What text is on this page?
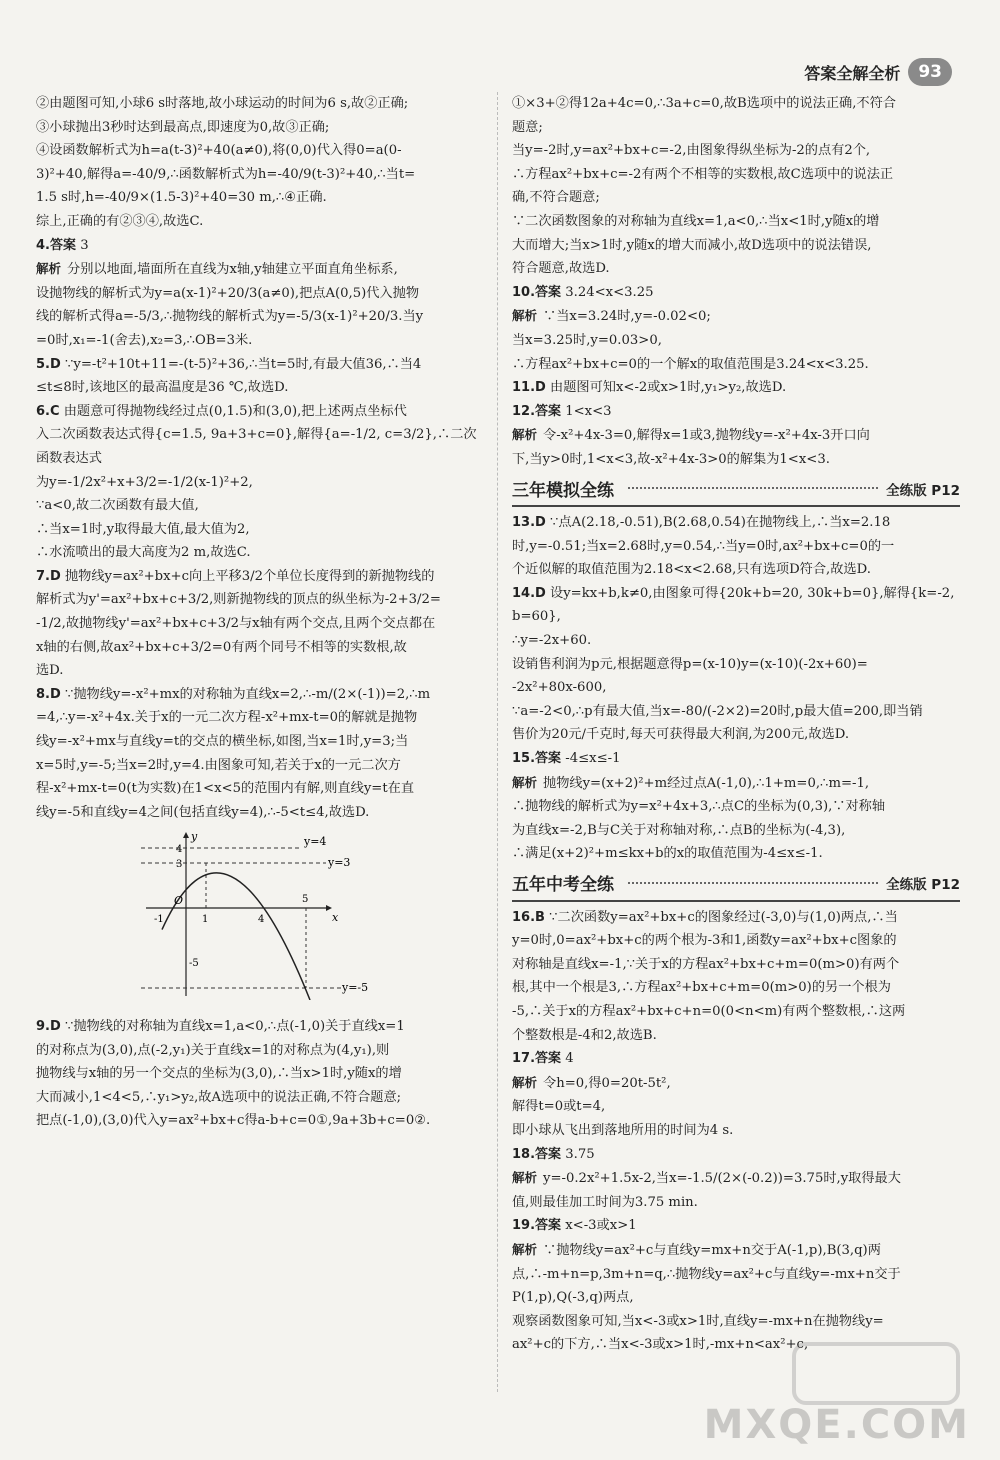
答案全解全析	93

②由题图可知,小球6 s时落地,故小球运动的时间为6 s,故②正确;

③小球抛出3秒时达到最高点,即速度为0,故③正确;

④设函数解析式为h=a(t-3)²+40(a≠0),将(0,0)代入得0=a(0-

3)²+40,解得a=-40/9,∴函数解析式为h=-40/9(t-3)²+40,∴当t=

1.5 s时,h=-40/9×(1.5-3)²+40=30 m,∴④正确.

综上,正确的有②③④,故选C.

4.答案 3

解析 分别以地面,墙面所在直线为x轴,y轴建立平面直角坐标系,

设抛物线的解析式为y=a(x-1)²+20/3(a≠0),把点A(0,5)代入抛物

线的解析式得a=-5/3,∴抛物线的解析式为y=-5/3(x-1)²+20/3.当y

=0时,x₁=-1(舍去),x₂=3,∴OB=3米.

5.D ∵y=-t²+10t+11=-(t-5)²+36,∴当t=5时,有最大值36,∴当4

≤t≤8时,该地区的最高温度是36 ℃,故选D.

6.C 由题意可得抛物线经过点(0,1.5)和(3,0),把上述两点坐标代

入二次函数表达式得{c=1.5, 9a+3+c=0},解得{a=-1/2, c=3/2},∴二次函数表达式

为y=-1/2x²+x+3/2=-1/2(x-1)²+2,

∵a<0,故二次函数有最大值,

∴当x=1时,y取得最大值,最大值为2,

∴水流喷出的最大高度为2 m,故选C.

7.D 抛物线y=ax²+bx+c向上平移3/2个单位长度得到的新抛物线的

解析式为y'=ax²+bx+c+3/2,则新抛物线的顶点的纵坐标为-2+3/2=

-1/2,故抛物线y'=ax²+bx+c+3/2与x轴有两个交点,且两个交点都在

x轴的右侧,故ax²+bx+c+3/2=0有两个同号不相等的实数根,故

选D.

8.D ∵抛物线y=-x²+mx的对称轴为直线x=2,∴-m/(2×(-1))=2,∴m

=4,∴y=-x²+4x.关于x的一元二次方程-x²+mx-t=0的解就是抛物

线y=-x²+mx与直线y=t的交点的横坐标,如图,当x=1时,y=3;当

x=5时,y=-5;当x=2时,y=4.由图象可知,若关于x的一元二次方

程-x²+mx-t=0(t为实数)在1<x<5的范围内有解,则直线y=t在直

线y=-5和直线y=4之间(包括直线y=4),∴-5<t≤4,故选D.

y=4
y=3
y=-5
x
y
O
4
3
1
-1	4
5
-5

9.D ∵抛物线的对称轴为直线x=1,a<0,∴点(-1,0)关于直线x=1

的对称点为(3,0),点(-2,y₁)关于直线x=1的对称点为(4,y₁),则

抛物线与x轴的另一个交点的坐标为(3,0),∴当x>1时,y随x的增

大而减小,1<4<5,∴y₁>y₂,故A选项中的说法正确,不符合题意;

把点(-1,0),(3,0)代入y=ax²+bx+c得a-b+c=0①,9a+3b+c=0②.

①×3+②得12a+4c=0,∴3a+c=0,故B选项中的说法正确,不符合

题意;

当y=-2时,y=ax²+bx+c=-2,由图象得纵坐标为-2的点有2个,

∴方程ax²+bx+c=-2有两个不相等的实数根,故C选项中的说法正

确,不符合题意;

∵二次函数图象的对称轴为直线x=1,a<0,∴当x<1时,y随x的增

大而增大;当x>1时,y随x的增大而减小,故D选项中的说法错误,

符合题意,故选D.

10.答案 3.24<x<3.25

解析 ∵当x=3.24时,y=-0.02<0;

当x=3.25时,y=0.03>0,

∴方程ax²+bx+c=0的一个解x的取值范围是3.24<x<3.25.

11.D 由题图可知x<-2或x>1时,y₁>y₂,故选D.

12.答案 1<x<3

解析 令-x²+4x-3=0,解得x=1或3,抛物线y=-x²+4x-3开口向

下,当y>0时,1<x<3,故-x²+4x-3>0的解集为1<x<3.

三年模拟全练	全练版 P12

13.D ∵点A(2.18,-0.51),B(2.68,0.54)在抛物线上,∴当x=2.18

时,y=-0.51;当x=2.68时,y=0.54,∴当y=0时,ax²+bx+c=0的一

个近似解的取值范围为2.18<x<2.68,只有选项D符合,故选D.

14.D 设y=kx+b,k≠0,由图象可得{20k+b=20, 30k+b=0},解得{k=-2, b=60},

∴y=-2x+60.

设销售利润为p元,根据题意得p=(x-10)y=(x-10)(-2x+60)=

-2x²+80x-600,

∵a=-2<0,∴p有最大值,当x=-80/(-2×2)=20时,p最大值=200,即当销

售价为20元/千克时,每天可获得最大利润,为200元,故选D.

15.答案 -4≤x≤-1

解析 抛物线y=(x+2)²+m经过点A(-1,0),∴1+m=0,∴m=-1,

∴抛物线的解析式为y=x²+4x+3,∴点C的坐标为(0,3),∵对称轴

为直线x=-2,B与C关于对称轴对称,∴点B的坐标为(-4,3),

∴满足(x+2)²+m≤kx+b的x的取值范围为-4≤x≤-1.

五年中考全练	全练版 P12

16.B ∵二次函数y=ax²+bx+c的图象经过(-3,0)与(1,0)两点,∴当

y=0时,0=ax²+bx+c的两个根为-3和1,函数y=ax²+bx+c图象的

对称轴是直线x=-1,∵关于x的方程ax²+bx+c+m=0(m>0)有两个

根,其中一个根是3,∴方程ax²+bx+c+m=0(m>0)的另一个根为

-5,∴关于x的方程ax²+bx+c+n=0(0<n<m)有两个整数根,∴这两

个整数根是-4和2,故选B.

17.答案 4

解析 令h=0,得0=20t-5t²,

解得t=0或t=4,

即小球从飞出到落地所用的时间为4 s.

18.答案 3.75

解析 y=-0.2x²+1.5x-2,当x=-1.5/(2×(-0.2))=3.75时,y取得最大

值,则最佳加工时间为3.75 min.

19.答案 x<-3或x>1

解析 ∵抛物线y=ax²+c与直线y=mx+n交于A(-1,p),B(3,q)两

点,∴-m+n=p,3m+n=q,∴抛物线y=ax²+c与直线y=-mx+n交于

P(1,p),Q(-3,q)两点,

观察函数图象可知,当x<-3或x>1时,直线y=-mx+n在抛物线y=

ax²+c的下方,∴当x<-3或x>1时,-mx+n<ax²+c,

MXQE.COM
